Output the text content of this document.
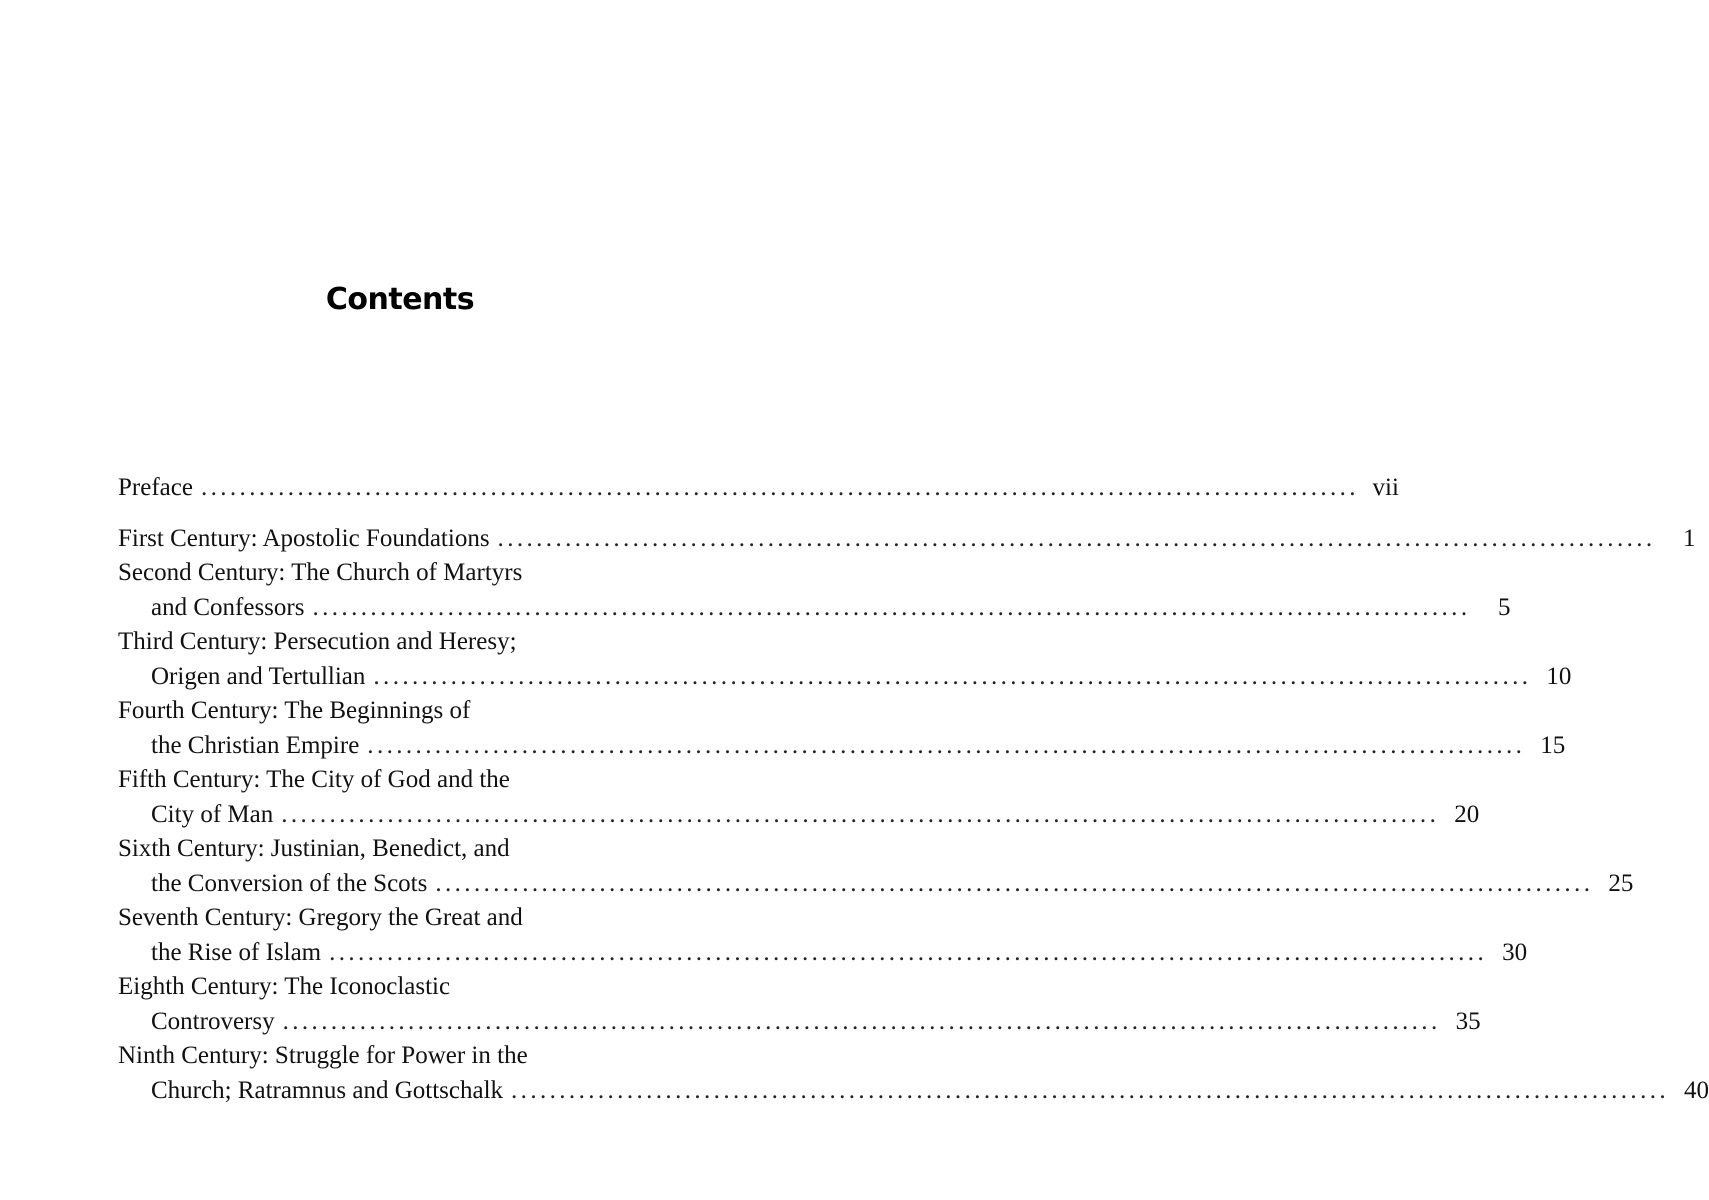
Contents
Preface ........................................................................................................................ vii
First Century: Apostolic Foundations ........................................................................................................................	1
Second Century: The Church of Martyrs
and Confessors ........................................................................................................................	5
Third Century: Persecution and Heresy;
Origen and Tertullian ........................................................................................................................ 10
Fourth Century: The Beginnings of
the Christian Empire ........................................................................................................................ 15
Fifth Century: The City of God and the
City of Man ........................................................................................................................ 20
Sixth Century: Justinian, Benedict, and
the Conversion of the Scots ........................................................................................................................ 25
Seventh Century: Gregory the Great and
the Rise of Islam ........................................................................................................................ 30
Eighth Century: The Iconoclastic
Controversy ........................................................................................................................ 35
Ninth Century: Struggle for Power in the
Church; Ratramnus and Gottschalk ........................................................................................................................ 40
